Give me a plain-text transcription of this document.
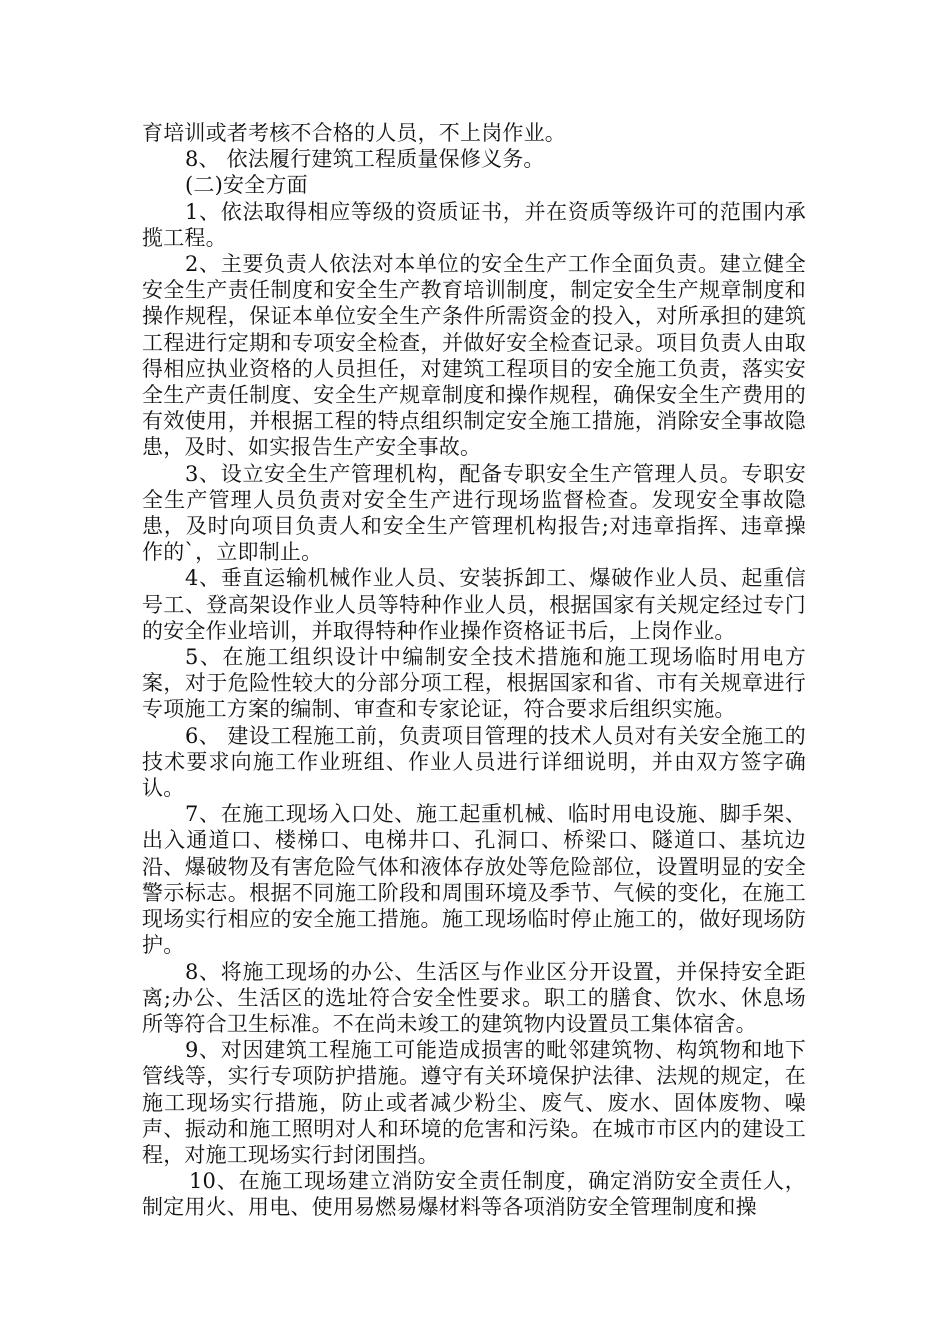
育培训或者考核不合格的人员，不上岗作业。

8、 依法履行建筑工程质量保修义务。

(二)安全方面

1、依法取得相应等级的资质证书，并在资质等级许可的范围内承揽工程。

2、主要负责人依法对本单位的安全生产工作全面负责。建立健全安全生产责任制度和安全生产教育培训制度，制定安全生产规章制度和操作规程，保证本单位安全生产条件所需资金的投入，对所承担的建筑工程进行定期和专项安全检查，并做好安全检查记录。项目负责人由取得相应执业资格的人员担任，对建筑工程项目的安全施工负责，落实安全生产责任制度、安全生产规章制度和操作规程，确保安全生产费用的有效使用，并根据工程的特点组织制定安全施工措施，消除安全事故隐患，及时、如实报告生产安全事故。

3、设立安全生产管理机构，配备专职安全生产管理人员。专职安全生产管理人员负责对安全生产进行现场监督检查。发现安全事故隐患，及时向项目负责人和安全生产管理机构报告;对违章指挥、违章操作的`，立即制止。

4、垂直运输机械作业人员、安装拆卸工、爆破作业人员、起重信号工、登高架设作业人员等特种作业人员，根据国家有关规定经过专门的安全作业培训，并取得特种作业操作资格证书后，上岗作业。

5、在施工组织设计中编制安全技术措施和施工现场临时用电方案，对于危险性较大的分部分项工程，根据国家和省、市有关规章进行专项施工方案的编制、审查和专家论证，符合要求后组织实施。

6、 建设工程施工前，负责项目管理的技术人员对有关安全施工的技术要求向施工作业班组、作业人员进行详细说明，并由双方签字确认。

7、在施工现场入口处、施工起重机械、临时用电设施、脚手架、出入通道口、楼梯口、电梯井口、孔洞口、桥梁口、隧道口、基坑边沿、爆破物及有害危险气体和液体存放处等危险部位，设置明显的安全警示标志。根据不同施工阶段和周围环境及季节、气候的变化，在施工现场实行相应的安全施工措施。施工现场临时停止施工的，做好现场防护。

8、将施工现场的办公、生活区与作业区分开设置，并保持安全距离;办公、生活区的选址符合安全性要求。职工的膳食、饮水、休息场所等符合卫生标准。不在尚未竣工的建筑物内设置员工集体宿舍。

9、对因建筑工程施工可能造成损害的毗邻建筑物、构筑物和地下管线等，实行专项防护措施。遵守有关环境保护法律、法规的规定，在施工现场实行措施，防止或者减少粉尘、废气、废水、固体废物、噪声、振动和施工照明对人和环境的危害和污染。在城市市区内的建设工程，对施工现场实行封闭围挡。

10、在施工现场建立消防安全责任制度，确定消防安全责任人，制定用火、用电、使用易燃易爆材料等各项消防安全管理制度和操
